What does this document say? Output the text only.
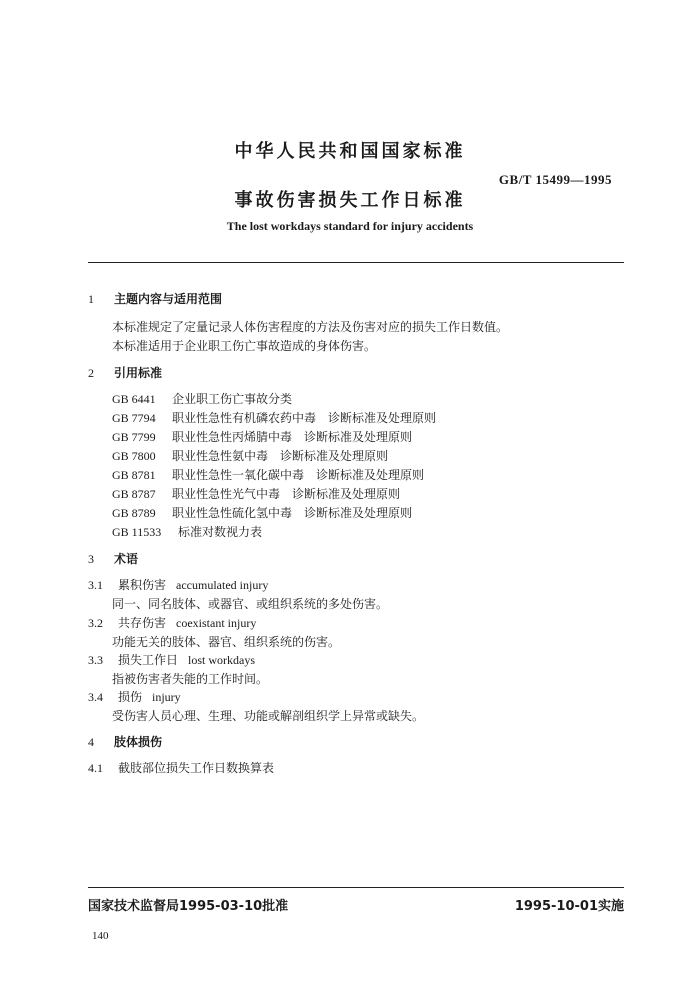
中华人民共和国国家标准
GB/T 15499—1995
事故伤害损失工作日标准
The lost workdays standard for injury accidents
1 主题内容与适用范围
本标准规定了定量记录人体伤害程度的方法及伤害对应的损失工作日数值。
本标准适用于企业职工伤亡事故造成的身体伤害。
2 引用标准
GB 6441 企业职工伤亡事故分类
GB 7794 职业性急性有机磷农药中毒　诊断标准及处理原则
GB 7799 职业性急性丙烯腈中毒　诊断标准及处理原则
GB 7800 职业性急性氨中毒　诊断标准及处理原则
GB 8781 职业性急性一氧化碳中毒　诊断标准及处理原则
GB 8787 职业性急性光气中毒　诊断标准及处理原则
GB 8789 职业性急性硫化氢中毒　诊断标准及处理原则
GB 11533 标准对数视力表
3 术语
3.1 累积伤害 accumulated injury
同一、同名肢体、或器官、或组织系统的多处伤害。
3.2 共存伤害 coexistant injury
功能无关的肢体、器官、组织系统的伤害。
3.3 损失工作日 lost workdays
指被伤害者失能的工作时间。
3.4 损伤 injury
受伤害人员心理、生理、功能或解剖组织学上异常或缺失。
4 肢体损伤
4.1 截肢部位损失工作日数换算表
国家技术监督局1995-03-10批准	1995-10-01实施
140
